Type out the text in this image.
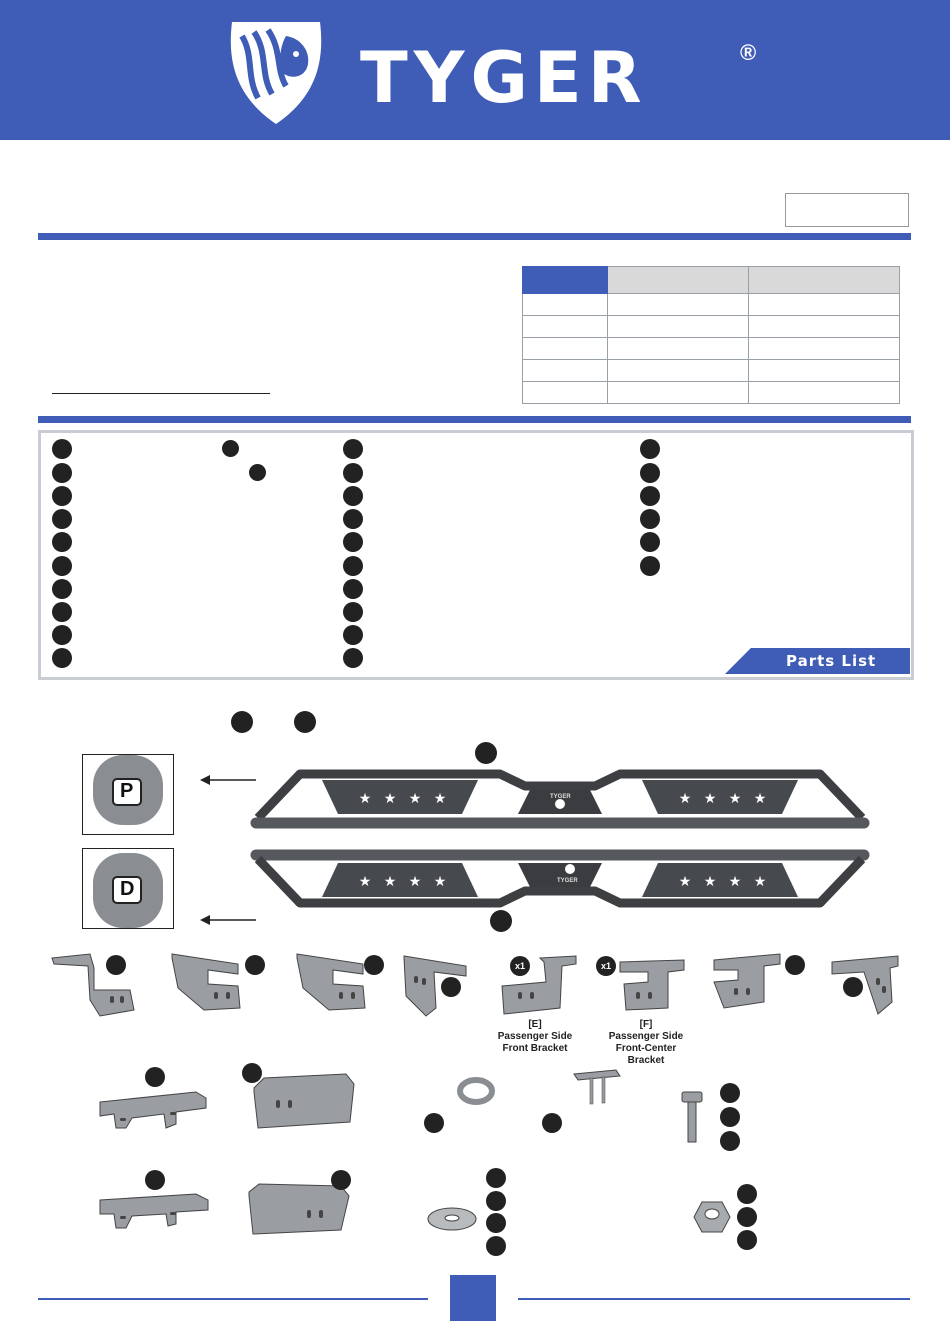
TYGER	®

Parts List
P
D
★ ★ ★ ★	★ ★ ★ ★
TYGER
★ ★ ★ ★	★ ★ ★ ★
TYGER
x1
[E]
Passenger Side
Front Bracket
x1
[F]
Passenger Side
Front-Center Bracket
